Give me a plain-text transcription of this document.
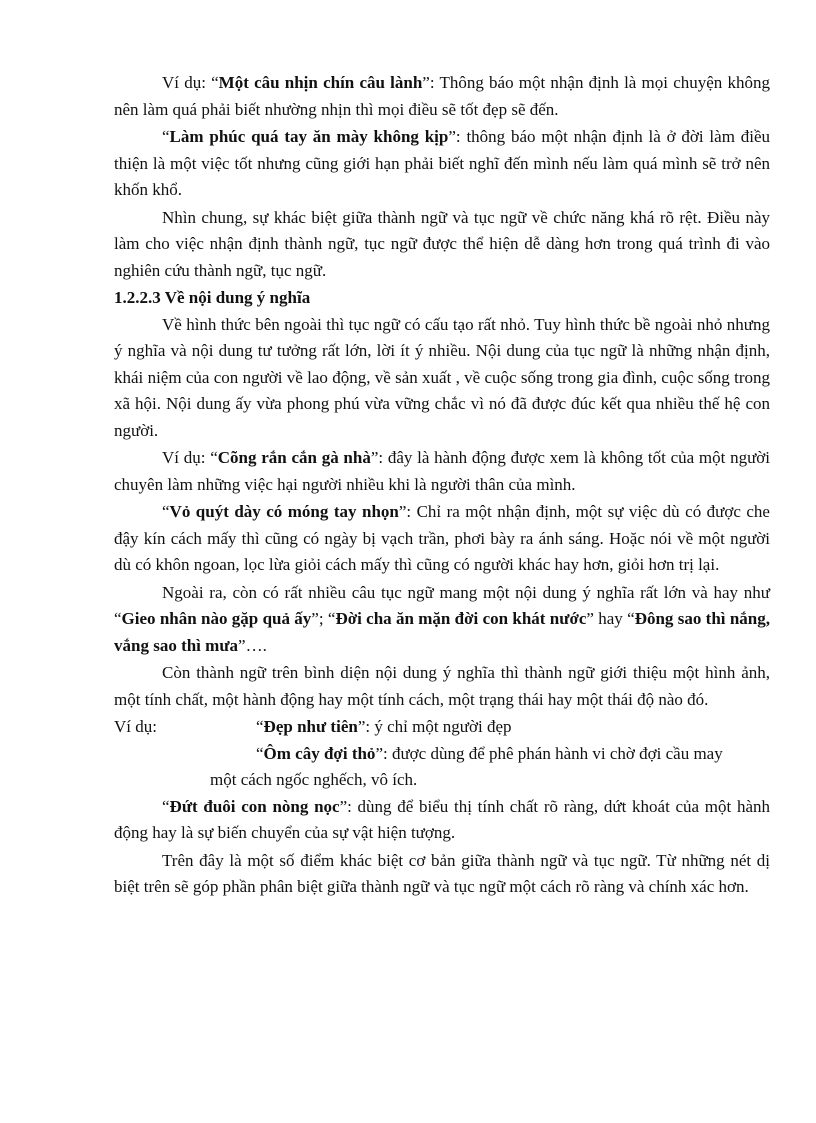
Ví dụ: “Một câu nhịn chín câu lành”: Thông báo một nhận định là mọi chuyện không nên làm quá phải biết nhường nhịn thì mọi điều sẽ tốt đẹp sẽ đến.

“Làm phúc quá tay ăn mày không kịp”: thông báo một nhận định là ở đời làm điều thiện là một việc tốt nhưng cũng giới hạn phải biết nghĩ đến mình nếu làm quá mình sẽ trở nên khốn khổ.

Nhìn chung, sự khác biệt giữa thành ngữ và tục ngữ về chức năng khá rõ rệt. Điều này làm cho việc nhận định thành ngữ, tục ngữ được thể hiện dễ dàng hơn trong quá trình đi vào nghiên cứu thành ngữ, tục ngữ.

1.2.2.3 Về nội dung ý nghĩa

Về hình thức bên ngoài thì tục ngữ có cấu tạo rất nhỏ. Tuy hình thức bề ngoài nhỏ nhưng ý nghĩa và nội dung tư tưởng rất lớn, lời ít ý nhiều. Nội dung của tục ngữ là những nhận định, khái niệm của con người về lao động, về sản xuất , về cuộc sống trong gia đình, cuộc sống trong xã hội. Nội dung ấy vừa phong phú vừa vững chắc vì nó đã được đúc kết qua nhiều thế hệ con người.

Ví dụ: “Cõng rắn cắn gà nhà”: đây là hành động được xem là không tốt của một người chuyên làm những việc hại người nhiều khi là người thân của mình.

“Vỏ quýt dày có móng tay nhọn”: Chỉ ra một nhận định, một sự việc dù có được che đậy kín cách mấy thì cũng có ngày bị vạch trần, phơi bày ra ánh sáng. Hoặc nói về một người dù có khôn ngoan, lọc lừa giỏi cách mấy thì cũng có người khác hay hơn, giỏi hơn trị lại.

Ngoài ra, còn có rất nhiều câu tục ngữ mang một nội dung ý nghĩa rất lớn và hay như “Gieo nhân nào gặp quả ấy”; “Đời cha ăn mặn đời con khát nước” hay “Đông sao thì nắng, vắng sao thì mưa”….

Còn thành ngữ trên bình diện nội dung ý nghĩa thì thành ngữ giới thiệu một hình ảnh, một tính chất, một hành động hay một tính cách, một trạng thái hay một thái độ nào đó.

Ví dụ:	“Đẹp như tiên”: ý chỉ một người đẹp
“Ôm cây đợi thỏ”: được dùng để phê phán hành vi chờ đợi cầu may
một cách ngốc nghếch, vô ích.

“Đứt đuôi con nòng nọc”: dùng để biểu thị tính chất rõ ràng, dứt khoát của một hành động hay là sự biến chuyển của sự vật hiện tượng.

Trên đây là một số điểm khác biệt cơ bản giữa thành ngữ và tục ngữ. Từ những nét dị biệt trên sẽ góp phần phân biệt giữa thành ngữ và tục ngữ một cách rõ ràng và chính xác hơn.
